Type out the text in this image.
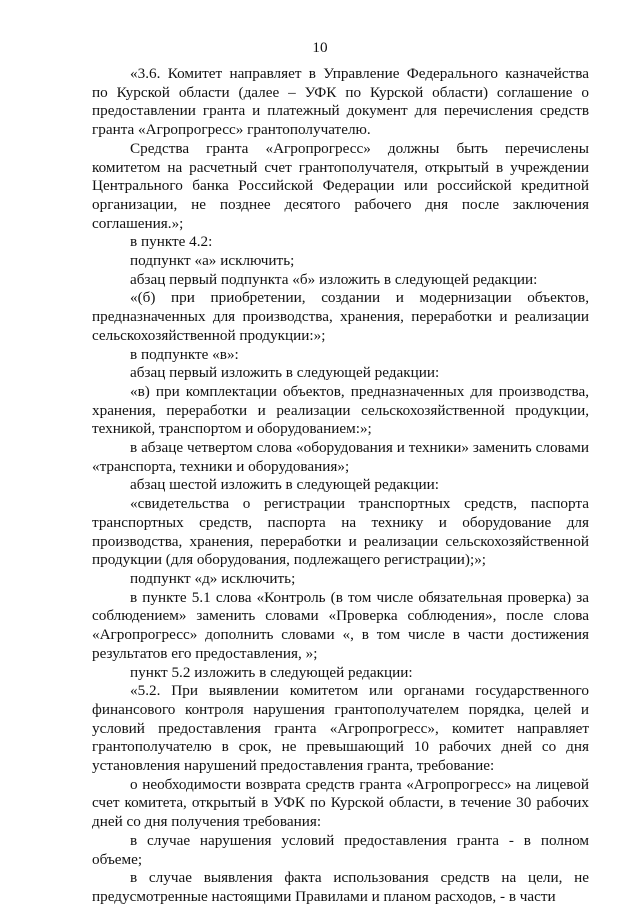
10
«3.6. Комитет направляет в Управление Федерального казначейства
по Курской области (далее – УФК по Курской области) соглашение о
предоставлении гранта и платежный документ для перечисления средств
гранта «Агропрогресс» грантополучателю.
Средства гранта «Агропрогресс» должны быть перечислены
комитетом на расчетный счет грантополучателя, открытый в учреждении
Центрального банка Российской Федерации или российской кредитной
организации, не позднее десятого рабочего дня после заключения
соглашения.»;
в пункте 4.2:
подпункт «а» исключить;
абзац первый подпункта «б» изложить в следующей редакции:
«(б) при приобретении, создании и модернизации объектов,
предназначенных для производства, хранения, переработки и реализации
сельскохозяйственной продукции:»;
в подпункте «в»:
абзац первый изложить в следующей редакции:
«в) при комплектации объектов, предназначенных для производства,
хранения, переработки и реализации сельскохозяйственной продукции,
техникой, транспортом и оборудованием:»;
в абзаце четвертом слова «оборудования и техники» заменить словами
«транспорта, техники и оборудования»;
абзац шестой изложить в следующей редакции:
«свидетельства о регистрации транспортных средств, паспорта
транспортных средств, паспорта на технику и оборудование для
производства, хранения, переработки и реализации сельскохозяйственной
продукции (для оборудования, подлежащего регистрации);»;
подпункт «д» исключить;
в пункте 5.1 слова «Контроль (в том числе обязательная проверка) за
соблюдением» заменить словами «Проверка соблюдения», после слова
«Агропрогресс» дополнить словами «, в том числе в части достижения
результатов его предоставления, »;
пункт 5.2 изложить в следующей редакции:
«5.2. При выявлении комитетом или органами государственного
финансового контроля нарушения грантополучателем порядка, целей и
условий предоставления гранта «Агропрогресс», комитет направляет
грантополучателю в срок, не превышающий 10 рабочих дней со дня
установления нарушений предоставления гранта, требование:
о необходимости возврата средств гранта «Агропрогресс» на лицевой
счет комитета, открытый в УФК по Курской области, в течение 30 рабочих
дней со дня получения требования:
в случае нарушения условий предоставления гранта - в полном
объеме;
в случае выявления факта использования средств на цели, не
предусмотренные настоящими Правилами и планом расходов, - в части
